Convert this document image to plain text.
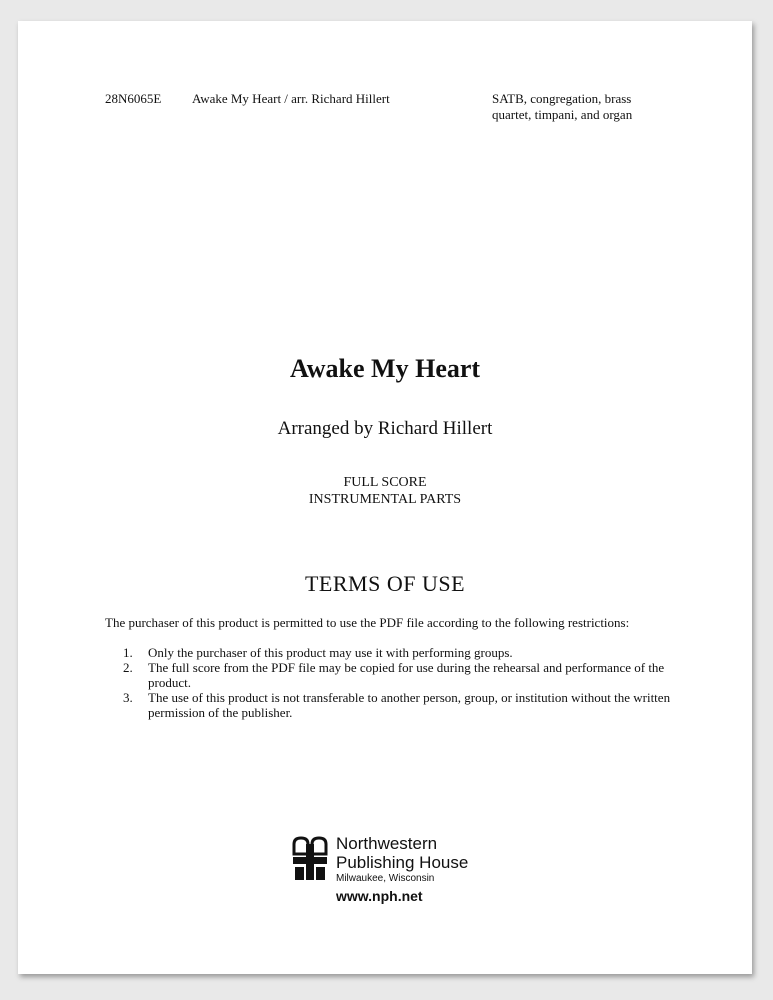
28N6065E Awake My Heart / arr. Richard Hillert	SATB, congregation, brass
quartet, timpani, and organ
Awake My Heart
Arranged by Richard Hillert
FULL SCORE
INSTRUMENTAL PARTS
TERMS OF USE
The purchaser of this product is permitted to use the PDF file according to the following restrictions:
1.	Only the purchaser of this product may use it with performing groups.
2.	The full score from the PDF file may be copied for use during the rehearsal and performance of the product.
3.	The use of this product is not transferable to another person, group, or institution without the written permission of the publisher.
Northwestern
Publishing House
Milwaukee, Wisconsin
www.nph.net
